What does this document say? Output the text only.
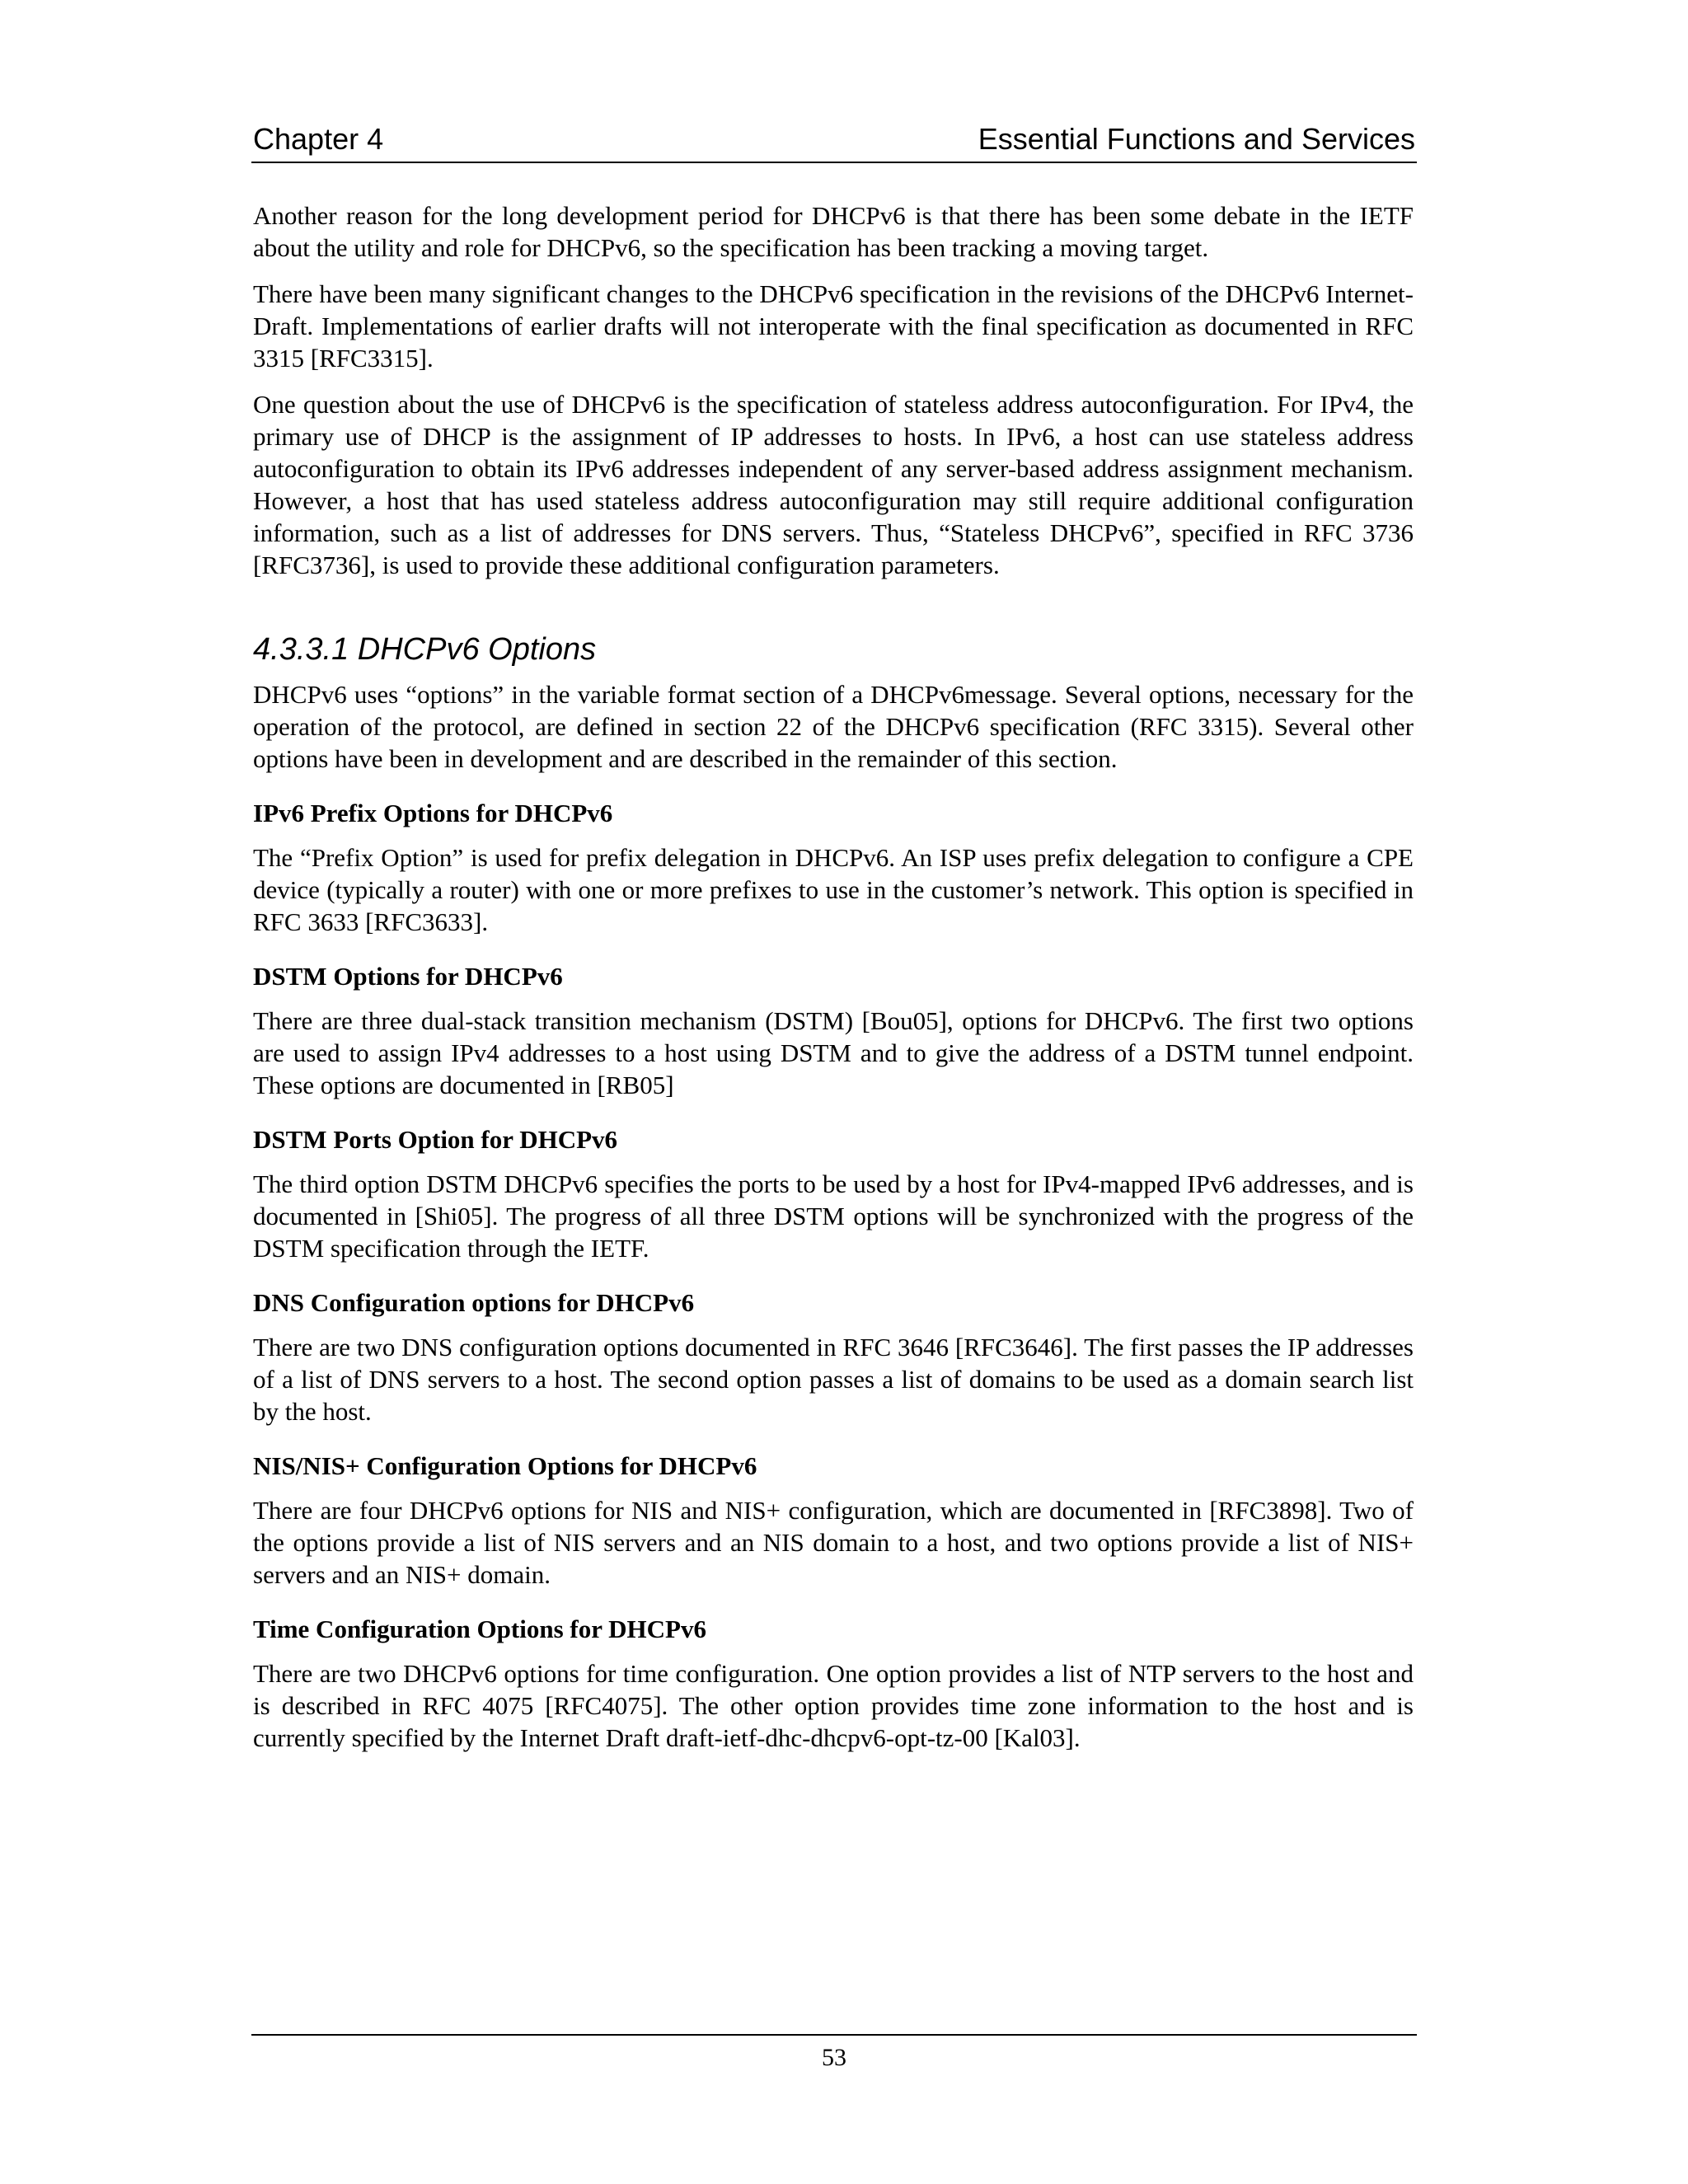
Chapter 4	Essential Functions and Services

Another reason for the long development period for DHCPv6 is that there has been some debate in the IETF about the utility and role for DHCPv6, so the specification has been tracking a moving target.

There have been many significant changes to the DHCPv6 specification in the revisions of the DHCPv6 Internet-Draft. Implementations of earlier drafts will not interoperate with the final specification as documented in RFC 3315 [RFC3315].

One question about the use of DHCPv6 is the specification of stateless address autoconfiguration. For IPv4, the primary use of DHCP is the assignment of IP addresses to hosts. In IPv6, a host can use stateless address autoconfiguration to obtain its IPv6 addresses independent of any server-based address assignment mechanism. However, a host that has used stateless address autoconfiguration may still require additional configuration information, such as a list of addresses for DNS servers. Thus, “Stateless DHCPv6”, specified in RFC 3736 [RFC3736], is used to provide these additional configuration parameters.

4.3.3.1 DHCPv6 Options

DHCPv6 uses “options” in the variable format section of a DHCPv6message. Several options, necessary for the operation of the protocol, are defined in section 22 of the DHCPv6 specification (RFC 3315). Several other options have been in development and are described in the remainder of this section.

IPv6 Prefix Options for DHCPv6

The “Prefix Option” is used for prefix delegation in DHCPv6. An ISP uses prefix delegation to configure a CPE device (typically a router) with one or more prefixes to use in the customer’s network. This option is specified in RFC 3633 [RFC3633].

DSTM Options for DHCPv6

There are three dual-stack transition mechanism (DSTM) [Bou05], options for DHCPv6. The first two options are used to assign IPv4 addresses to a host using DSTM and to give the address of a DSTM tunnel endpoint. These options are documented in [RB05]

DSTM Ports Option for DHCPv6

The third option DSTM DHCPv6 specifies the ports to be used by a host for IPv4-mapped IPv6 addresses, and is documented in [Shi05]. The progress of all three DSTM options will be synchronized with the progress of the DSTM specification through the IETF.

DNS Configuration options for DHCPv6

There are two DNS configuration options documented in RFC 3646 [RFC3646]. The first passes the IP addresses of a list of DNS servers to a host. The second option passes a list of domains to be used as a domain search list by the host.

NIS/NIS+ Configuration Options for DHCPv6

There are four DHCPv6 options for NIS and NIS+ configuration, which are documented in [RFC3898]. Two of the options provide a list of NIS servers and an NIS domain to a host, and two options provide a list of NIS+ servers and an NIS+ domain.

Time Configuration Options for DHCPv6

There are two DHCPv6 options for time configuration. One option provides a list of NTP servers to the host and is described in RFC 4075 [RFC4075]. The other option provides time zone information to the host and is currently specified by the Internet Draft draft-ietf-dhc-dhcpv6-opt-tz-00 [Kal03].

53
